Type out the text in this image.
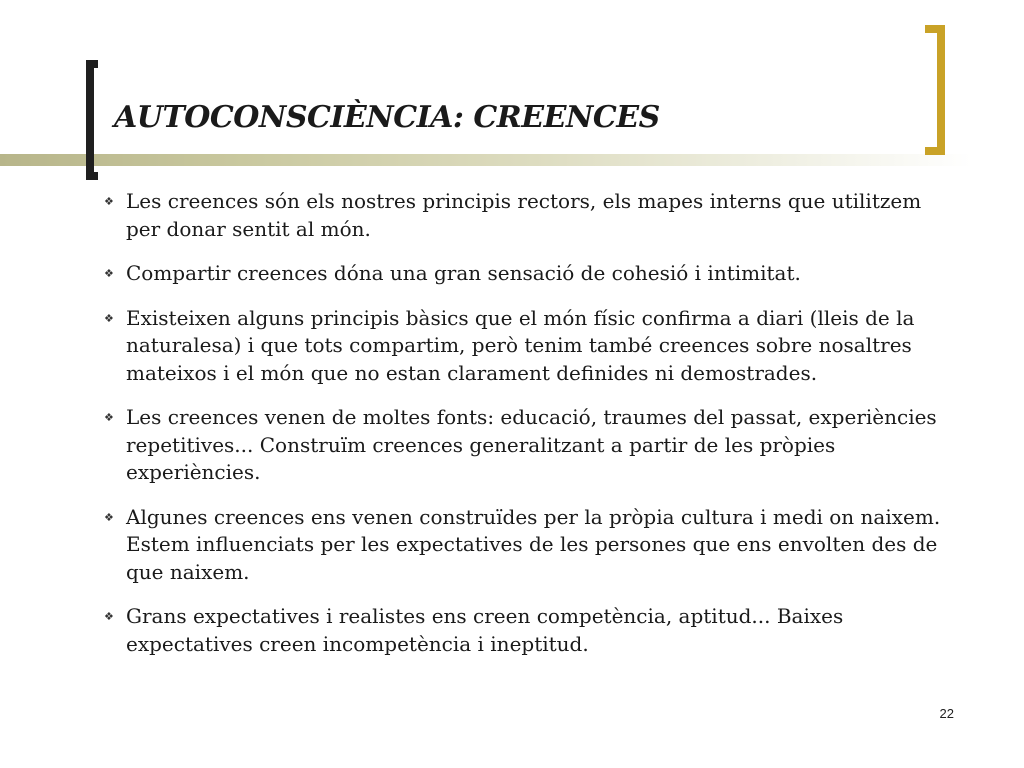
AUTOCONSCIÈNCIA: CREENCES
❖ Les creences són els nostres principis rectors, els mapes interns que utilitzem per donar sentit al món.
❖ Compartir creences dóna una gran sensació de cohesió i intimitat.
❖ Existeixen alguns principis bàsics que el món físic confirma a diari (lleis de la naturalesa) i que tots compartim, però tenim també creences sobre nosaltres mateixos i el món que no estan clarament definides ni demostrades.
❖ Les creences venen de moltes fonts: educació, traumes del passat, experiències repetitives... Construïm creences generalitzant a partir de les pròpies experiències.
❖ Algunes creences ens venen construïdes per la pròpia cultura i medi on naixem. Estem influenciats per les expectatives de les persones que ens envolten des de que naixem.
❖ Grans expectatives i realistes ens creen competència, aptitud... Baixes expectatives creen incompetència i ineptitud.
22
